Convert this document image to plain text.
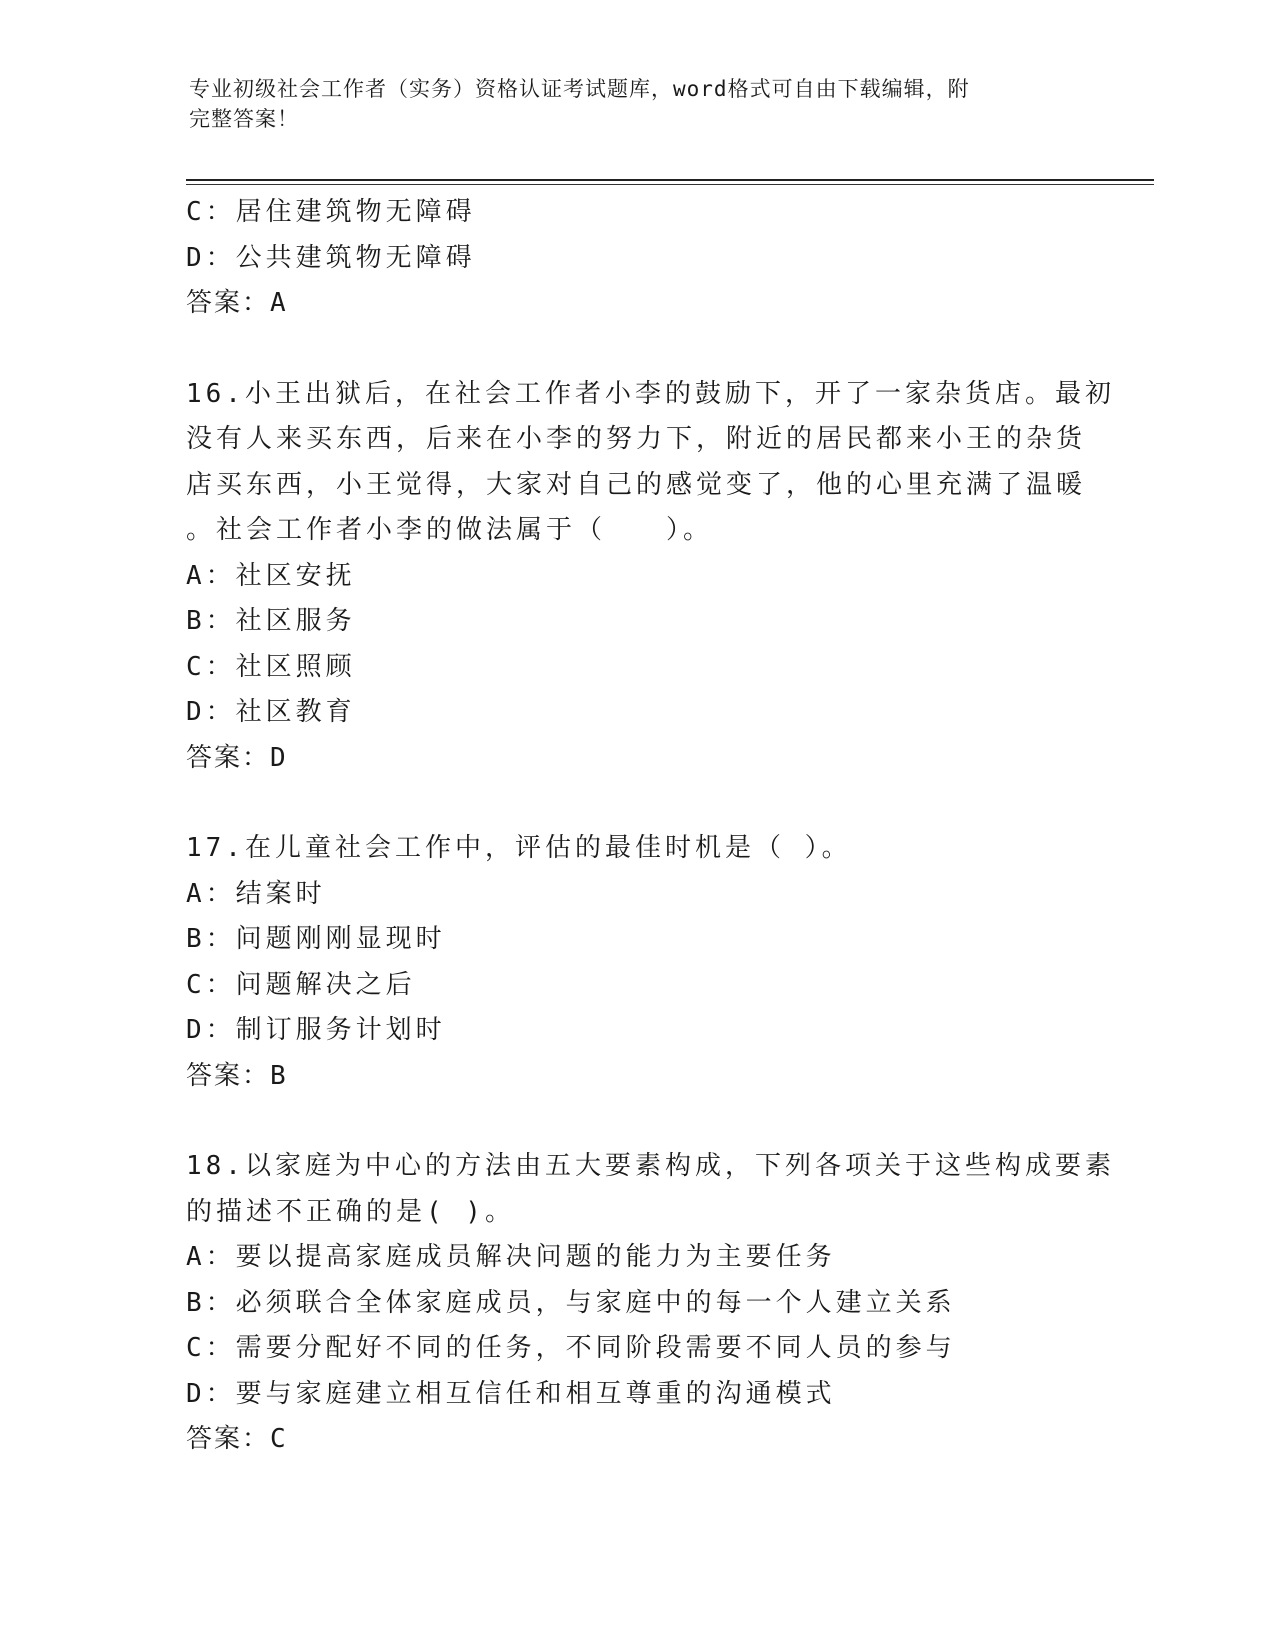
专业初级社会工作者（实务）资格认证考试题库，word格式可自由下载编辑，附
完整答案！
C：居住建筑物无障碍
D：公共建筑物无障碍
答案：A
16.小王出狱后，在社会工作者小李的鼓励下，开了一家杂货店。最初
没有人来买东西，后来在小李的努力下，附近的居民都来小王的杂货
店买东西，小王觉得，大家对自己的感觉变了，他的心里充满了温暖
。社会工作者小李的做法属于（　　）。
A：社区安抚
B：社区服务
C：社区照顾
D：社区教育
答案：D
17.在儿童社会工作中，评估的最佳时机是（ ）。
A：结案时
B：问题刚刚显现时
C：问题解决之后
D：制订服务计划时
答案：B
18.以家庭为中心的方法由五大要素构成，下列各项关于这些构成要素
的描述不正确的是( )。
A：要以提高家庭成员解决问题的能力为主要任务
B：必须联合全体家庭成员，与家庭中的每一个人建立关系
C：需要分配好不同的任务，不同阶段需要不同人员的参与
D：要与家庭建立相互信任和相互尊重的沟通模式
答案：C
